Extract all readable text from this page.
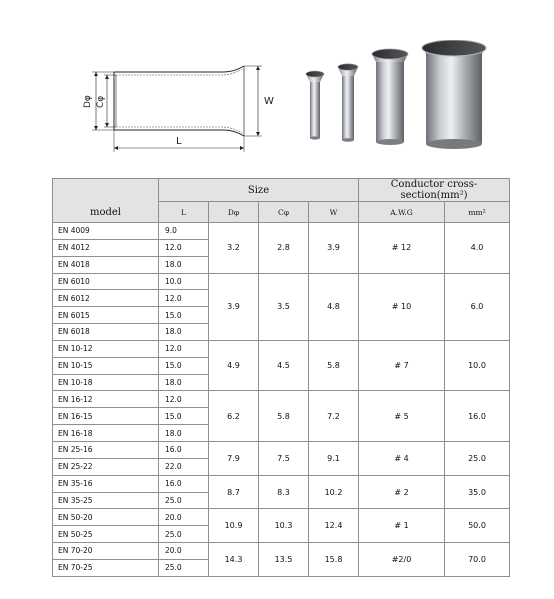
Dφ Cφ	W
L
model	Size				Conductor cross-section(mm²)	
	L	Dφ	Cφ	W	A.W.G	mm²
EN 4009	9.0	3.2	2.8	3.9	# 12	4.0
EN 4012	12.0					
EN 4018	18.0					
EN 6010	10.0	3.9	3.5	4.8	# 10	6.0
EN 6012	12.0					
EN 6015	15.0					
EN 6018	18.0					
EN 10-12	12.0	4.9	4.5	5.8	# 7	10.0
EN 10-15	15.0					
EN 10-18	18.0					
EN 16-12	12.0	6.2	5.8	7.2	# 5	16.0
EN 16-15	15.0					
EN 16-18	18.0					
EN 25-16	16.0	7.9	7.5	9.1	# 4	25.0
EN 25-22	22.0					
EN 35-16	16.0	8.7	8.3	10.2	# 2	35.0
EN 35-25	25.0					
EN 50-20	20.0	10.9	10.3	12.4	# 1	50.0
EN 50-25	25.0					
EN 70-20	20.0	14.3	13.5	15.8	#2/0	70.0
EN 70-25	25.0					
